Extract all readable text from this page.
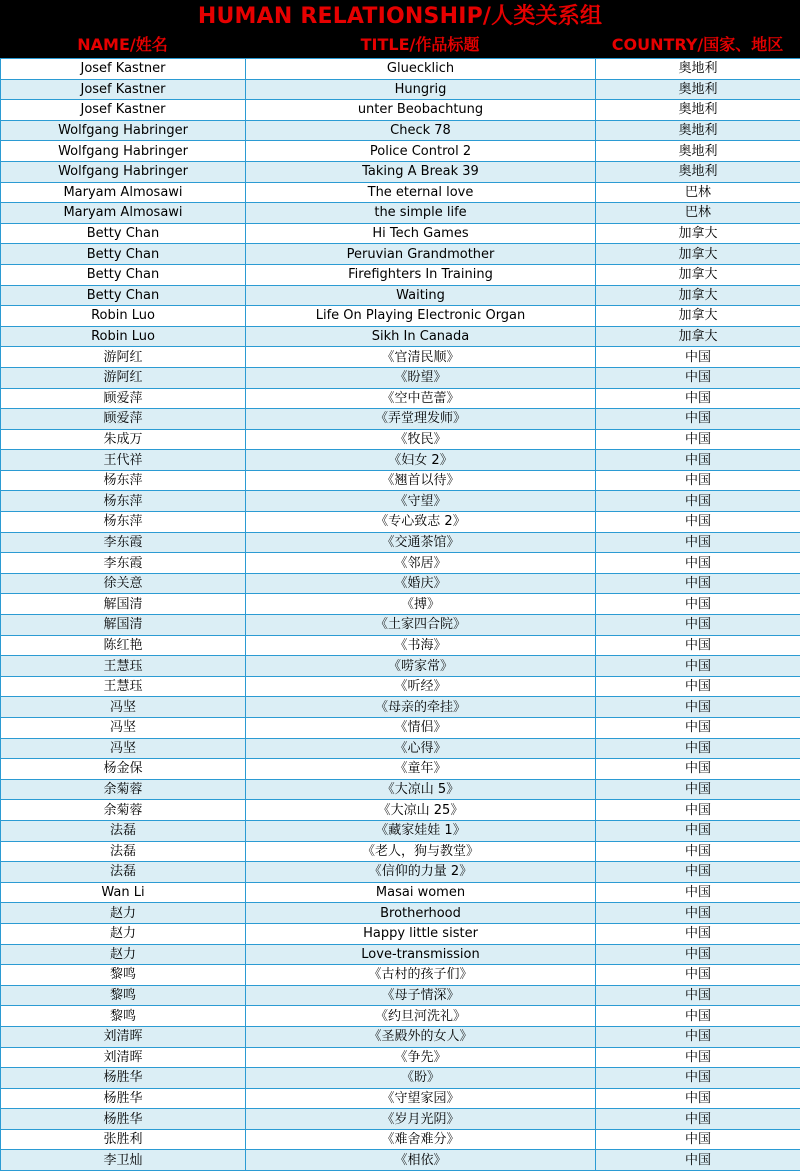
HUMAN RELATIONSHIP/人类关系组
NAME/姓名	TITLE/作品标题	COUNTRY/国家、地区
Josef Kastner	Gluecklich	奥地利
Josef Kastner	Hungrig	奥地利
Josef Kastner	unter Beobachtung	奥地利
Wolfgang Habringer	Check 78	奥地利
Wolfgang Habringer	Police Control 2	奥地利
Wolfgang Habringer	Taking A Break 39	奥地利
Maryam Almosawi	The eternal love	巴林
Maryam Almosawi	the simple life	巴林
Betty Chan	Hi Tech Games	加拿大
Betty Chan	Peruvian Grandmother	加拿大
Betty Chan	Firefighters In Training	加拿大
Betty Chan	Waiting	加拿大
Robin Luo	Life On Playing Electronic Organ	加拿大
Robin Luo	Sikh In Canada	加拿大
游阿红	《官清民顺》	中国
游阿红	《盼望》	中国
顾爱萍	《空中芭蕾》	中国
顾爱萍	《弄堂理发师》	中国
朱成万	《牧民》	中国
王代祥	《妇女 2》	中国
杨东萍	《翘首以待》	中国
杨东萍	《守望》	中国
杨东萍	《专心致志 2》	中国
李东霞	《交通茶馆》	中国
李东霞	《邻居》	中国
徐关意	《婚庆》	中国
解国清	《搏》	中国
解国清	《土家四合院》	中国
陈红艳	《书海》	中国
王慧珏	《唠家常》	中国
王慧珏	《听经》	中国
冯坚	《母亲的牵挂》	中国
冯坚	《情侣》	中国
冯坚	《心得》	中国
杨金保	《童年》	中国
余菊蓉	《大凉山 5》	中国
余菊蓉	《大凉山 25》	中国
法磊	《藏家娃娃 1》	中国
法磊	《老人，狗与教堂》	中国
法磊	《信仰的力量 2》	中国
Wan Li	Masai women	中国
赵力	Brotherhood	中国
赵力	Happy little sister	中国
赵力	Love-transmission	中国
黎鸣	《古村的孩子们》	中国
黎鸣	《母子情深》	中国
黎鸣	《约旦河洗礼》	中国
刘清晖	《圣殿外的女人》	中国
刘清晖	《争先》	中国
杨胜华	《盼》	中国
杨胜华	《守望家园》	中国
杨胜华	《岁月光阴》	中国
张胜利	《难舍难分》	中国
李卫灿	《相依》	中国
